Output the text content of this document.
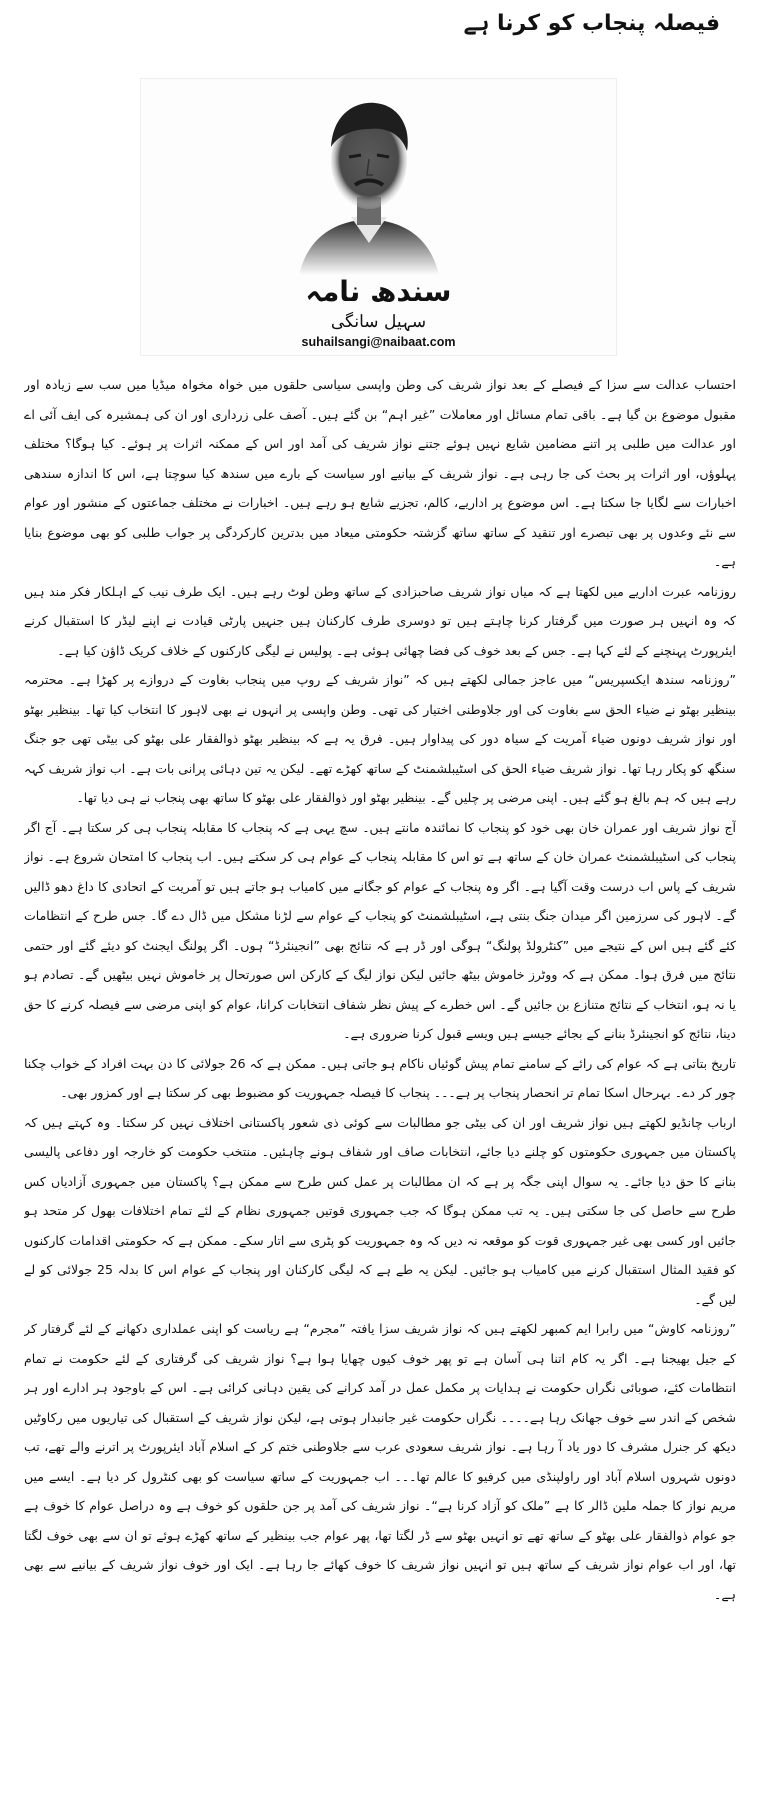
فیصلہ پنجاب کو کرنا ہے
سندھ نامہ
سہیل سانگی
suhailsangi@naibaat.com

احتساب عدالت سے سزا کے فیصلے کے بعد نواز شریف کی وطن واپسی سیاسی حلقوں میں خواہ مخواہ میڈیا میں سب سے زیادہ اور مقبول موضوع بن گیا ہے۔ باقی تمام مسائل اور معاملات ”غیر اہم“ بن گئے ہیں۔ آصف علی زرداری اور ان کی ہمشیرہ کی ایف آئی اے اور عدالت میں طلبی پر اتنے مضامین شایع نہیں ہوئے جتنے نواز شریف کی آمد اور اس کے ممکنہ اثرات پر ہوئے۔ کیا ہوگا؟ مختلف پہلوؤں، اور اثرات پر بحث کی جا رہی ہے۔ نواز شریف کے بیانیے اور سیاست کے بارے میں سندھ کیا سوچتا ہے، اس کا اندازہ سندھی اخبارات سے لگایا جا سکتا ہے۔ اس موضوع پر اداریے، کالم، تجزیے شایع ہو رہے ہیں۔ اخبارات نے مختلف جماعتوں کے منشور اور عوام سے نئے وعدوں پر بھی تبصرے اور تنقید کے ساتھ ساتھ گزشتہ حکومتی میعاد میں بدترین کارکردگی پر جواب طلبی کو بھی موضوع بنایا ہے۔

روزنامہ عبرت اداریے میں لکھتا ہے کہ میاں نواز شریف صاحبزادی کے ساتھ وطن لوٹ رہے ہیں۔ ایک طرف نیب کے اہلکار فکر مند ہیں کہ وہ انہیں ہر صورت میں گرفتار کرنا چاہتے ہیں تو دوسری طرف کارکنان ہیں جنہیں پارٹی قیادت نے اپنے لیڈر کا استقبال کرنے ایئرپورٹ پہنچنے کے لئے کہا ہے۔ جس کے بعد خوف کی فضا چھائی ہوئی ہے۔ پولیس نے لیگی کارکنوں کے خلاف کریک ڈاؤن کیا ہے۔

”روزنامہ سندھ ایکسپریس“ میں عاجز جمالی لکھتے ہیں کہ ”نواز شریف کے روپ میں پنجاب بغاوت کے دروازے پر کھڑا ہے۔ محترمہ بینظیر بھٹو نے ضیاء الحق سے بغاوت کی اور جلاوطنی اختیار کی تھی۔ وطن واپسی پر انہوں نے بھی لاہور کا انتخاب کیا تھا۔ بینظیر بھٹو اور نواز شریف دونوں ضیاء آمریت کے سیاہ دور کی پیداوار ہیں۔ فرق یہ ہے کہ بینظیر بھٹو ذوالفقار علی بھٹو کی بیٹی تھی جو جنگ سنگھ کو پکار رہا تھا۔ نواز شریف ضیاء الحق کی اسٹیبلشمنٹ کے ساتھ کھڑے تھے۔ لیکن یہ تین دہائی پرانی بات ہے۔ اب نواز شریف کہہ رہے ہیں کہ ہم بالغ ہو گئے ہیں۔ اپنی مرضی پر چلیں گے۔ بینظیر بھٹو اور ذوالفقار علی بھٹو کا ساتھ بھی پنجاب نے ہی دیا تھا۔

آج نواز شریف اور عمران خان بھی خود کو پنجاب کا نمائندہ مانتے ہیں۔ سچ یہی ہے کہ پنجاب کا مقابلہ پنجاب ہی کر سکتا ہے۔ آج اگر پنجاب کی اسٹیبلشمنٹ عمران خان کے ساتھ ہے تو اس کا مقابلہ پنجاب کے عوام ہی کر سکتے ہیں۔ اب پنجاب کا امتحان شروع ہے۔ نواز شریف کے پاس اب درست وقت آگیا ہے۔ اگر وہ پنجاب کے عوام کو جگانے میں کامیاب ہو جاتے ہیں تو آمریت کے اتحادی کا داغ دھو ڈالیں گے۔ لاہور کی سرزمین اگر میدان جنگ بنتی ہے، اسٹیبلشمنٹ کو پنجاب کے عوام سے لڑنا مشکل میں ڈال دے گا۔ جس طرح کے انتظامات کئے گئے ہیں اس کے نتیجے میں ”کنٹرولڈ پولنگ“ ہوگی اور ڈر ہے کہ نتائج بھی ”انجینئرڈ“ ہوں۔ اگر پولنگ ایجنٹ کو دیئے گئے اور حتمی نتائج میں فرق ہوا۔ ممکن ہے کہ ووٹرز خاموش بیٹھ جائیں لیکن نواز لیگ کے کارکن اس صورتحال پر خاموش نہیں بیٹھیں گے۔ تصادم ہو یا نہ ہو، انتخاب کے نتائج متنازع بن جائیں گے۔ اس خطرے کے پیش نظر شفاف انتخابات کرانا، عوام کو اپنی مرضی سے فیصلہ کرنے کا حق دینا، نتائج کو انجینئرڈ بنانے کے بجائے جیسے ہیں ویسے قبول کرنا ضروری ہے۔

تاریخ بتاتی ہے کہ عوام کی رائے کے سامنے تمام پیش گوئیاں ناکام ہو جاتی ہیں۔ ممکن ہے کہ 26 جولائی کا دن بہت افراد کے خواب چکنا چور کر دے۔ بہرحال اسکا تمام تر انحصار پنجاب پر ہے۔۔۔ پنجاب کا فیصلہ جمہوریت کو مضبوط بھی کر سکتا ہے اور کمزور بھی۔

ارباب چانڈیو لکھتے ہیں نواز شریف اور ان کی بیٹی جو مطالبات سے کوئی ذی شعور پاکستانی اختلاف نہیں کر سکتا۔ وہ کہتے ہیں کہ پاکستان میں جمہوری حکومتوں کو چلنے دیا جائے، انتخابات صاف اور شفاف ہونے چاہئیں۔ منتخب حکومت کو خارجہ اور دفاعی پالیسی بنانے کا حق دیا جائے۔ یہ سوال اپنی جگہ پر ہے کہ ان مطالبات پر عمل کس طرح سے ممکن ہے؟ پاکستان میں جمہوری آزادیاں کس طرح سے حاصل کی جا سکتی ہیں۔ یہ تب ممکن ہوگا کہ جب جمہوری قوتیں جمہوری نظام کے لئے تمام اختلافات بھول کر متحد ہو جائیں اور کسی بھی غیر جمہوری قوت کو موقعہ نہ دیں کہ وہ جمہوریت کو پٹری سے اتار سکے۔ ممکن ہے کہ حکومتی اقدامات کارکنوں کو فقید المثال استقبال کرنے میں کامیاب ہو جائیں۔ لیکن یہ طے ہے کہ لیگی کارکنان اور پنجاب کے عوام اس کا بدلہ 25 جولائی کو لے لیں گے۔

”روزنامہ کاوش“ میں رابرا ایم کمبھر لکھتے ہیں کہ نواز شریف سزا یافتہ ”مجرم“ ہے ریاست کو اپنی عملداری دکھانے کے لئے گرفتار کر کے جیل بھیجنا ہے۔ اگر یہ کام اتنا ہی آسان ہے تو پھر خوف کیوں چھایا ہوا ہے؟ نواز شریف کی گرفتاری کے لئے حکومت نے تمام انتظامات کئے، صوبائی نگراں حکومت نے ہدایات پر مکمل عمل در آمد کرانے کی یقین دہانی کرائی ہے۔ اس کے باوجود ہر ادارے اور ہر شخص کے اندر سے خوف جھانک رہا ہے۔۔۔۔ نگراں حکومت غیر جانبدار ہوتی ہے، لیکن نواز شریف کے استقبال کی تیاریوں میں رکاوٹیں دیکھ کر جنرل مشرف کا دور یاد آ رہا ہے۔ نواز شریف سعودی عرب سے جلاوطنی ختم کر کے اسلام آباد ایئرپورٹ پر اترنے والے تھے، تب دونوں شہروں اسلام آباد اور راولپنڈی میں کرفیو کا عالم تھا۔۔۔ اب جمہوریت کے ساتھ سیاست کو بھی کنٹرول کر دیا ہے۔ ایسے میں مریم نواز کا جملہ ملین ڈالر کا ہے ”ملک کو آزاد کرنا ہے“۔ نواز شریف کی آمد پر جن حلقوں کو خوف ہے وہ دراصل عوام کا خوف ہے جو عوام ذوالفقار علی بھٹو کے ساتھ تھے تو انہیں بھٹو سے ڈر لگتا تھا، پھر عوام جب بینظیر کے ساتھ کھڑے ہوئے تو ان سے بھی خوف لگتا تھا، اور اب عوام نواز شریف کے ساتھ ہیں تو انہیں نواز شریف کا خوف کھائے جا رہا ہے۔ ایک اور خوف نواز شریف کے بیانیے سے بھی ہے۔
